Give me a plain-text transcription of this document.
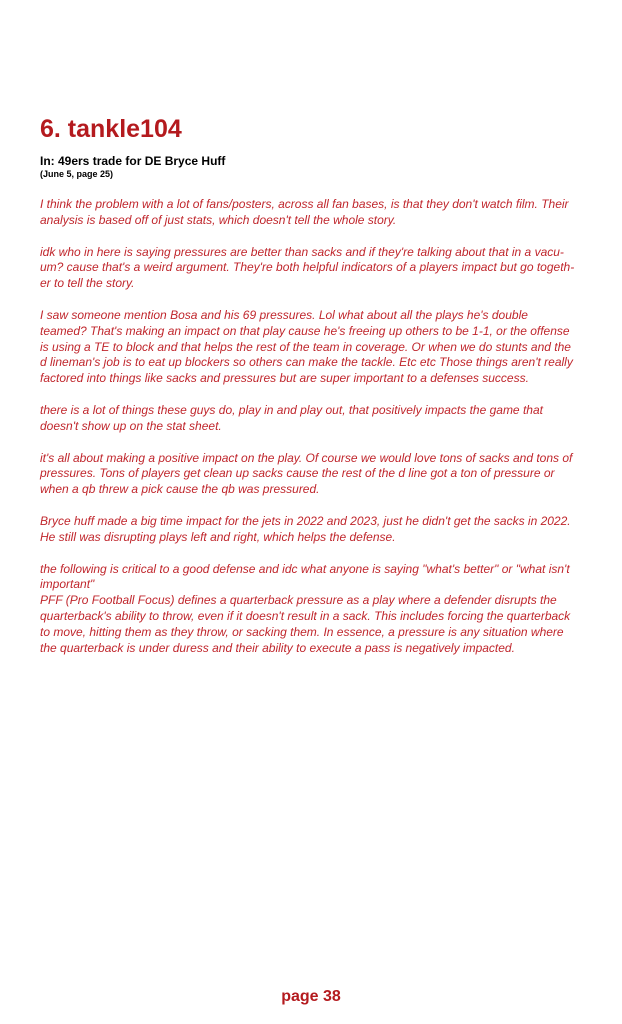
6. tankle104

In: 49ers trade for DE Bryce Huff

(June 5, page 25)

I think the problem with a lot of fans/posters, across all fan bases, is that they don't watch film. Their
analysis is based off of just stats, which doesn't tell the whole story.

idk who in here is saying pressures are better than sacks and if they're talking about that in a vacu-
um? cause that's a weird argument. They're both helpful indicators of a players impact but go togeth-
er to tell the story.

I saw someone mention Bosa and his 69 pressures. Lol what about all the plays he's double
teamed? That's making an impact on that play cause he's freeing up others to be 1-1, or the offense
is using a TE to block and that helps the rest of the team in coverage. Or when we do stunts and the
d lineman's job is to eat up blockers so others can make the tackle. Etc etc Those things aren't really
factored into things like sacks and pressures but are super important to a defenses success.

there is a lot of things these guys do, play in and play out, that positively impacts the game that
doesn't show up on the stat sheet.

it's all about making a positive impact on the play. Of course we would love tons of sacks and tons of
pressures. Tons of players get clean up sacks cause the rest of the d line got a ton of pressure or
when a qb threw a pick cause the qb was pressured.

Bryce huff made a big time impact for the jets in 2022 and 2023, just he didn't get the sacks in 2022.
He still was disrupting plays left and right, which helps the defense.

the following is critical to a good defense and idc what anyone is saying "what's better" or "what isn't
important"

PFF (Pro Football Focus) defines a quarterback pressure as a play where a defender disrupts the
quarterback's ability to throw, even if it doesn't result in a sack. This includes forcing the quarterback
to move, hitting them as they throw, or sacking them. In essence, a pressure is any situation where
the quarterback is under duress and their ability to execute a pass is negatively impacted.

page 38
